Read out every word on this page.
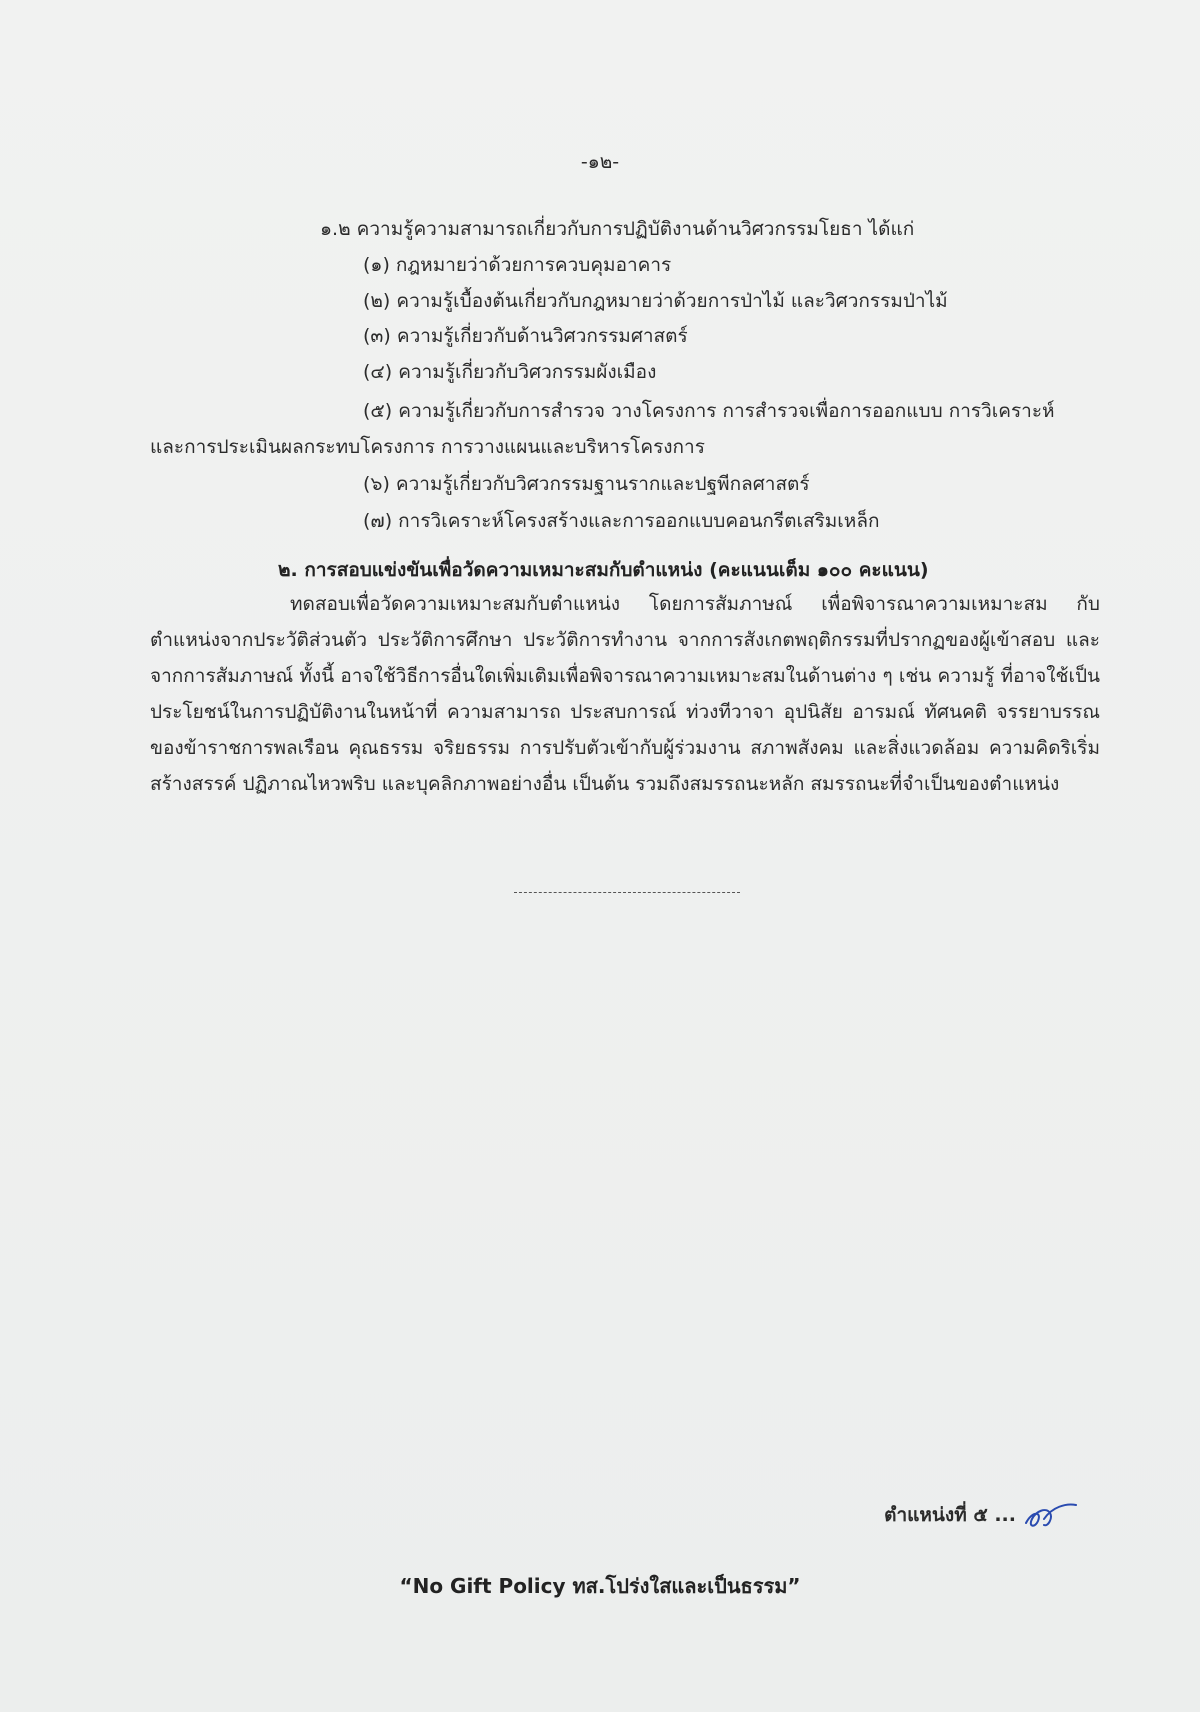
-๑๒-
๑.๒ ความรู้ความสามารถเกี่ยวกับการปฏิบัติงานด้านวิศวกรรมโยธา ได้แก่
(๑) กฎหมายว่าด้วยการควบคุมอาคาร
(๒) ความรู้เบื้องต้นเกี่ยวกับกฎหมายว่าด้วยการป่าไม้ และวิศวกรรมป่าไม้
(๓) ความรู้เกี่ยวกับด้านวิศวกรรมศาสตร์
(๔) ความรู้เกี่ยวกับวิศวกรรมผังเมือง
(๕) ความรู้เกี่ยวกับการสำรวจ วางโครงการ การสำรวจเพื่อการออกแบบ การวิเคราะห์
และการประเมินผลกระทบโครงการ การวางแผนและบริหารโครงการ
(๖) ความรู้เกี่ยวกับวิศวกรรมฐานรากและปฐพีกลศาสตร์
(๗) การวิเคราะห์โครงสร้างและการออกแบบคอนกรีตเสริมเหล็ก
๒. การสอบแข่งขันเพื่อวัดความเหมาะสมกับตำแหน่ง (คะแนนเต็ม ๑๐๐ คะแนน)
ทดสอบเพื่อวัดความเหมาะสมกับตำแหน่ง โดยการสัมภาษณ์ เพื่อพิจารณาความเหมาะสม กับตำแหน่งจากประวัติส่วนตัว ประวัติการศึกษา ประวัติการทำงาน จากการสังเกตพฤติกรรมที่ปรากฏของผู้เข้าสอบ และจากการสัมภาษณ์ ทั้งนี้ อาจใช้วิธีการอื่นใดเพิ่มเติมเพื่อพิจารณาความเหมาะสมในด้านต่าง ๆ เช่น ความรู้ ที่อาจใช้เป็นประโยชน์ในการปฏิบัติงานในหน้าที่ ความสามารถ ประสบการณ์ ท่วงทีวาจา อุปนิสัย อารมณ์ ทัศนคติ จรรยาบรรณของข้าราชการพลเรือน คุณธรรม จริยธรรม การปรับตัวเข้ากับผู้ร่วมงาน สภาพสังคม และสิ่งแวดล้อม ความคิดริเริ่มสร้างสรรค์ ปฏิภาณไหวพริบ และบุคลิกภาพอย่างอื่น เป็นต้น รวมถึงสมรรถนะหลัก สมรรถนะที่จำเป็นของตำแหน่ง
ตำแหน่งที่ ๕ ...
“No Gift Policy ทส.โปร่งใสและเป็นธรรม”
